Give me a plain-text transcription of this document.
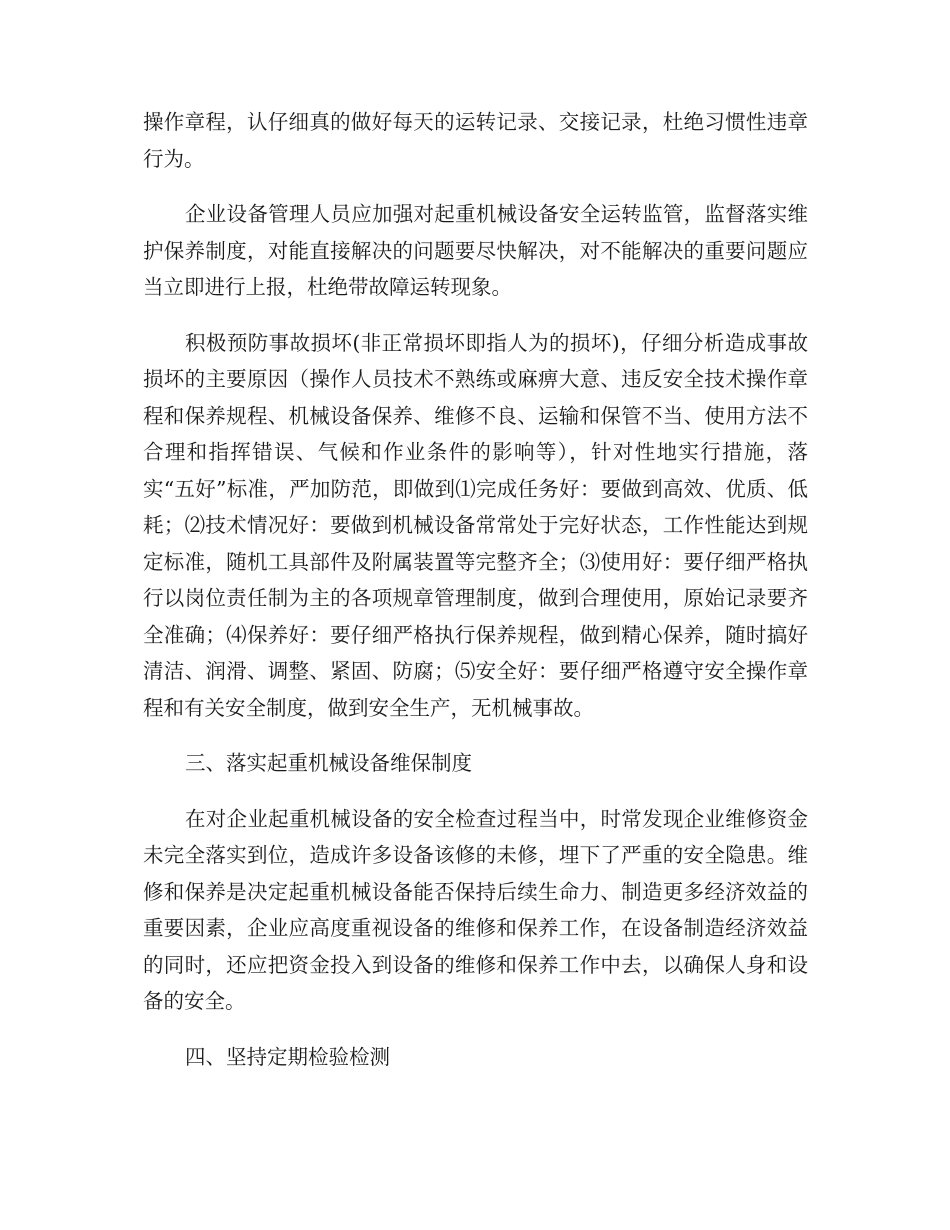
操作章程，认仔细真的做好每天的运转记录、交接记录，杜绝习惯性违章行为。

企业设备管理人员应加强对起重机械设备安全运转监管，监督落实维护保养制度，对能直接解决的问题要尽快解决，对不能解决的重要问题应当立即进行上报，杜绝带故障运转现象。

积极预防事故损坏(非正常损坏即指人为的损坏)，仔细分析造成事故损坏的主要原因（操作人员技术不熟练或麻痹大意、违反安全技术操作章程和保养规程、机械设备保养、维修不良、运输和保管不当、使用方法不合理和指挥错误、气候和作业条件的影响等），针对性地实行措施，落实“五好”标准，严加防范，即做到⑴完成任务好：要做到高效、优质、低耗；⑵技术情况好：要做到机械设备常常处于完好状态，工作性能达到规定标准，随机工具部件及附属装置等完整齐全；⑶使用好：要仔细严格执行以岗位责任制为主的各项规章管理制度，做到合理使用，原始记录要齐全准确；⑷保养好：要仔细严格执行保养规程，做到精心保养，随时搞好清洁、润滑、调整、紧固、防腐；⑸安全好：要仔细严格遵守安全操作章程和有关安全制度，做到安全生产，无机械事故。

三、落实起重机械设备维保制度

在对企业起重机械设备的安全检查过程当中，时常发现企业维修资金未完全落实到位，造成许多设备该修的未修，埋下了严重的安全隐患。维修和保养是决定起重机械设备能否保持后续生命力、制造更多经济效益的重要因素，企业应高度重视设备的维修和保养工作，在设备制造经济效益的同时，还应把资金投入到设备的维修和保养工作中去，以确保人身和设备的安全。

四、坚持定期检验检测
